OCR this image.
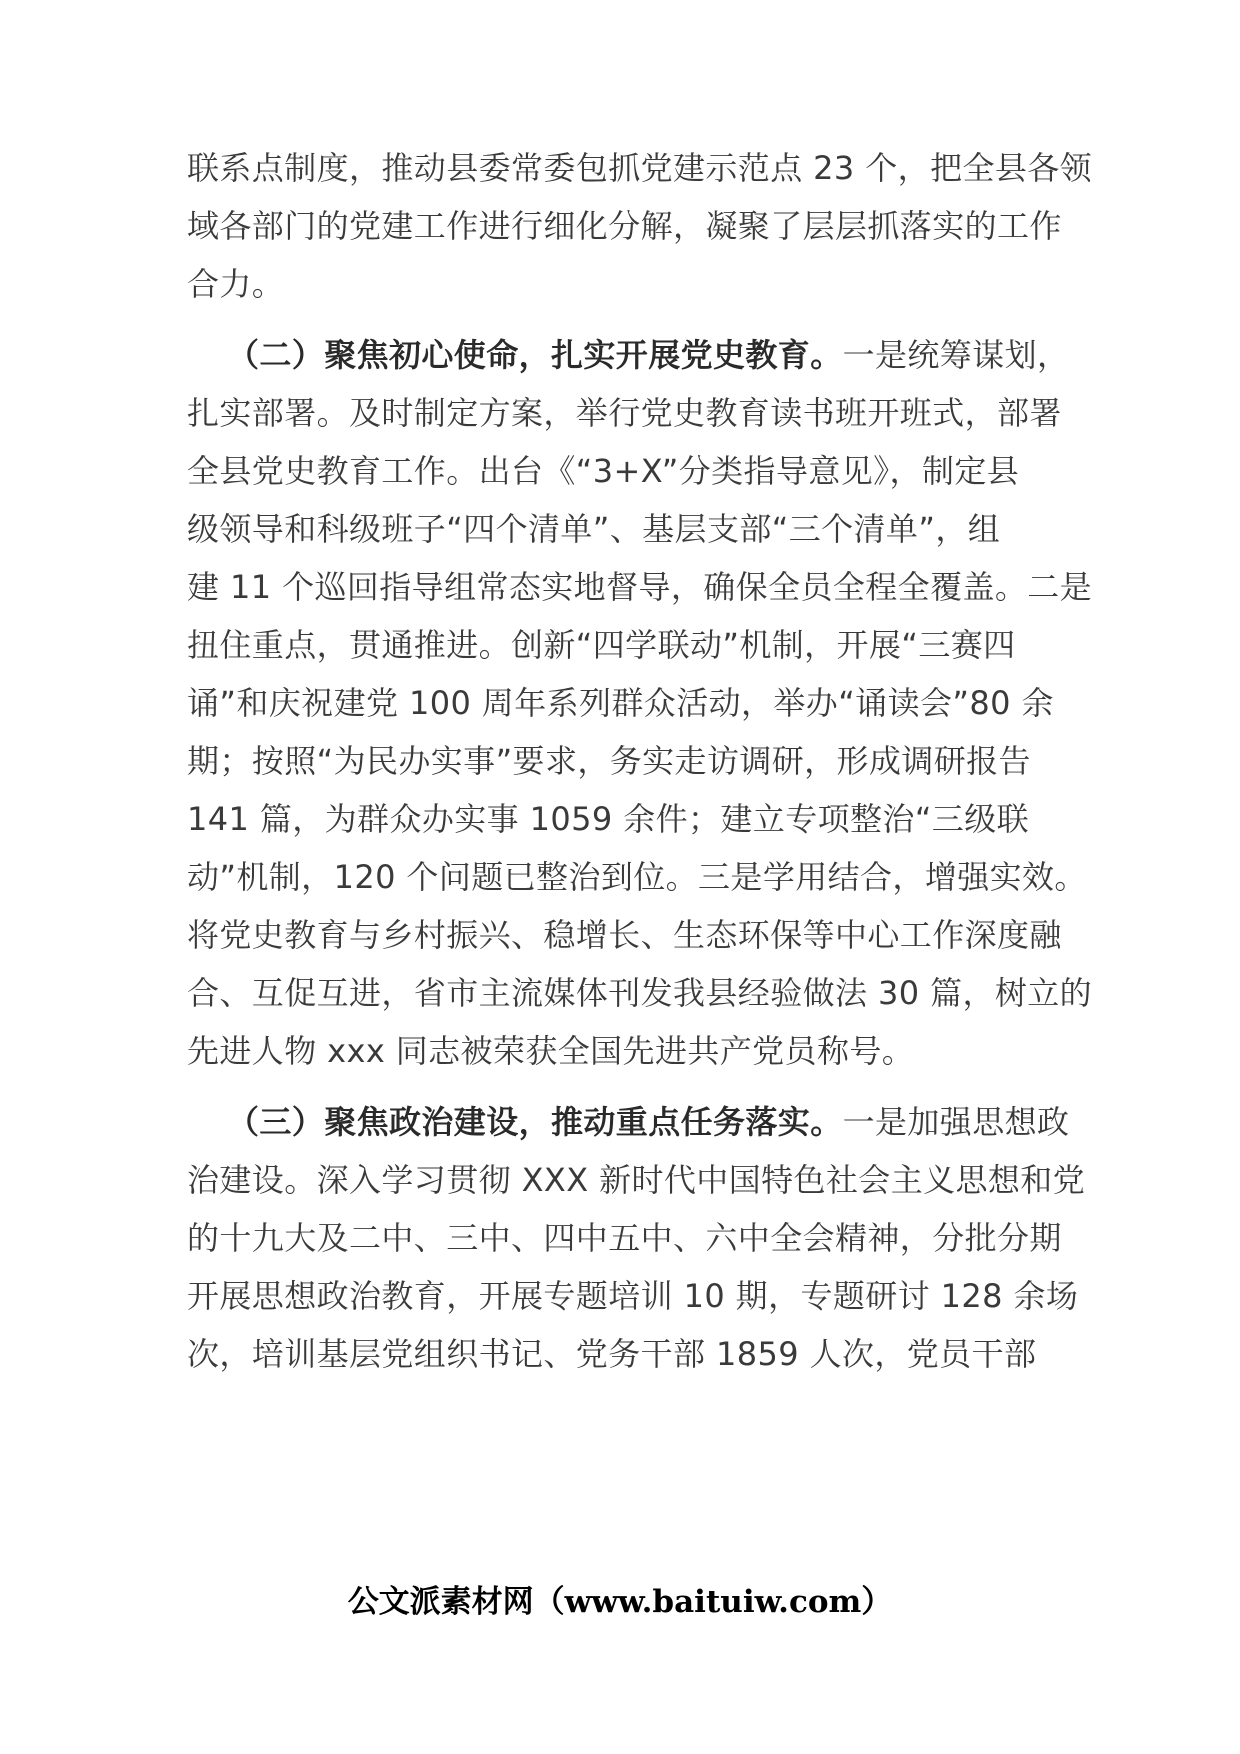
联系点制度，推动县委常委包抓党建示范点 23 个，把全县各领
域各部门的党建工作进行细化分解，凝聚了层层抓落实的工作
合力。
（二）聚焦初心使命，扎实开展党史教育。一是统筹谋划，
扎实部署。及时制定方案，举行党史教育读书班开班式，部署
全县党史教育工作。出台《“3+X”分类指导意见》，制定县
级领导和科级班子“四个清单”、基层支部“三个清单”，组
建 11 个巡回指导组常态实地督导，确保全员全程全覆盖。二是
扭住重点，贯通推进。创新“四学联动”机制，开展“三赛四
诵”和庆祝建党 100 周年系列群众活动，举办“诵读会”80 余
期；按照“为民办实事”要求，务实走访调研，形成调研报告
141 篇，为群众办实事 1059 余件；建立专项整治“三级联
动”机制，120 个问题已整治到位。三是学用结合，增强实效。
将党史教育与乡村振兴、稳增长、生态环保等中心工作深度融
合、互促互进，省市主流媒体刊发我县经验做法 30 篇，树立的
先进人物 xxx 同志被荣获全国先进共产党员称号。
（三）聚焦政治建设，推动重点任务落实。一是加强思想政
治建设。深入学习贯彻 XXX 新时代中国特色社会主义思想和党
的十九大及二中、三中、四中五中、六中全会精神，分批分期
开展思想政治教育，开展专题培训 10 期，专题研讨 128 余场
次，培训基层党组织书记、党务干部 1859 人次，党员干部
公文派素材网（www.baituiw.com）
